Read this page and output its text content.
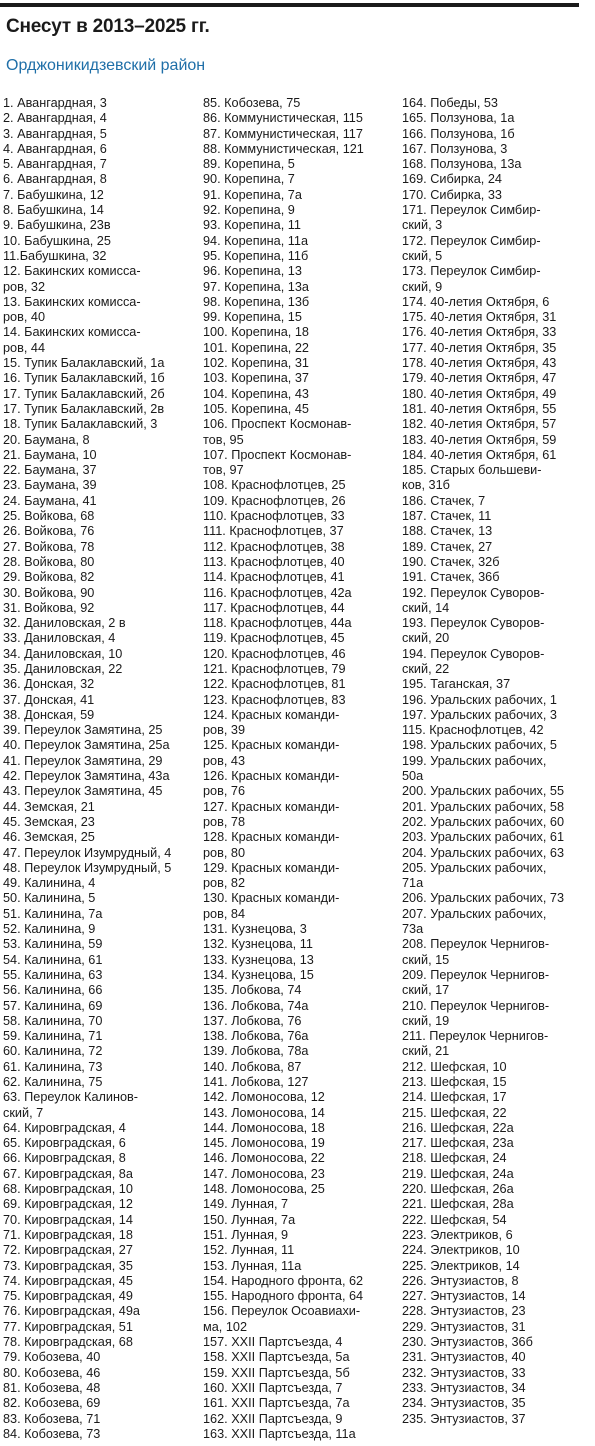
Снесут в 2013–2025 гг.
Орджоникидзевский район
1. Авангардная, 3
2. Авангардная, 4
3. Авангардная, 5
4. Авангардная, 6
5. Авангардная, 7
6. Авангардная, 8
7. Бабушкина, 12
8. Бабушкина, 14
9. Бабушкина, 23в
10. Бабушкина, 25
11.Бабушкина, 32
12. Бакинских комисса-
ров, 32
13. Бакинских комисса-
ров, 40
14. Бакинских комисса-
ров, 44
15. Тупик Балаклавский, 1а
16. Тупик Балаклавский, 1б
17. Тупик Балаклавский, 2б
17. Тупик Балаклавский, 2в
18. Тупик Балаклавский, 3
20. Баумана, 8
21. Баумана, 10
22. Баумана, 37
23. Баумана, 39
24. Баумана, 41
25. Войкова, 68
26. Войкова, 76
27. Войкова, 78
28. Войкова, 80
29. Войкова, 82
30. Войкова, 90
31. Войкова, 92
32. Даниловская, 2 в
33. Даниловская, 4
34. Даниловская, 10
35. Даниловская, 22
36. Донская, 32
37. Донская, 41
38. Донская, 59
39. Переулок Замятина, 25
40. Переулок Замятина, 25а
41. Переулок Замятина, 29
42. Переулок Замятина, 43а
43. Переулок Замятина, 45
44. Земская, 21
45. Земская, 23
46. Земская, 25
47. Переулок Изумрудный, 4
48. Переулок Изумрудный, 5
49. Калинина, 4
50. Калинина, 5
51. Калинина, 7а
52. Калинина, 9
53. Калинина, 59
54. Калинина, 61
55. Калинина, 63
56. Калинина, 66
57. Калинина, 69
58. Калинина, 70
59. Калинина, 71
60. Калинина, 72
61. Калинина, 73
62. Калинина, 75
63. Переулок Калинов-
ский, 7
64. Кировградская, 4
65. Кировградская, 6
66. Кировградская, 8
67. Кировградская, 8а
68. Кировградская, 10
69. Кировградская, 12
70. Кировградская, 14
71. Кировградская, 18
72. Кировградская, 27
73. Кировградская, 35
74. Кировградская, 45
75. Кировградская, 49
76. Кировградская, 49а
77. Кировградская, 51
78. Кировградская, 68
79. Кобозева, 40
80. Кобозева, 46
81. Кобозева, 48
82. Кобозева, 69
83. Кобозева, 71
84. Кобозева, 73
85. Кобозева, 75
86. Коммунистическая, 115
87. Коммунистическая, 117
88. Коммунистическая, 121
89. Корепина, 5
90. Корепина, 7
91. Корепина, 7а
92. Корепина, 9
93. Корепина, 11
94. Корепина, 11а
95. Корепина, 11б
96. Корепина, 13
97. Корепина, 13а
98. Корепина, 13б
99. Корепина, 15
100. Корепина, 18
101. Корепина, 22
102. Корепина, 31
103. Корепина, 37
104. Корепина, 43
105. Корепина, 45
106. Проспект Космонав-
тов, 95
107. Проспект Космонав-
тов, 97
108. Краснофлотцев, 25
109. Краснофлотцев, 26
110. Краснофлотцев, 33
111. Краснофлотцев, 37
112. Краснофлотцев, 38
113. Краснофлотцев, 40
114. Краснофлотцев, 41
116. Краснофлотцев, 42а
117. Краснофлотцев, 44
118. Краснофлотцев, 44а
119. Краснофлотцев, 45
120. Краснофлотцев, 46
121. Краснофлотцев, 79
122. Краснофлотцев, 81
123. Краснофлотцев, 83
124. Красных команди-
ров, 39
125. Красных команди-
ров, 43
126. Красных команди-
ров, 76
127. Красных команди-
ров, 78
128. Красных команди-
ров, 80
129. Красных команди-
ров, 82
130. Красных команди-
ров, 84
131. Кузнецова, 3
132. Кузнецова, 11
133. Кузнецова, 13
134. Кузнецова, 15
135. Лобкова, 74
136. Лобкова, 74а
137. Лобкова, 76
138. Лобкова, 76а
139. Лобкова, 78а
140. Лобкова, 87
141. Лобкова, 127
142. Ломоносова, 12
143. Ломоносова, 14
144. Ломоносова, 18
145. Ломоносова, 19
146. Ломоносова, 22
147. Ломоносова, 23
148. Ломоносова, 25
149. Лунная, 7
150. Лунная, 7а
151. Лунная, 9
152. Лунная, 11
153. Лунная, 11а
154. Народного фронта, 62
155. Народного фронта, 64
156. Переулок Осоавиахи-
ма, 102
157. XXII Партсъезда, 4
158. XXII Партсъезда, 5а
159. XXII Партсъезда, 5б
160. XXII Партсъезда, 7
161. XXII Партсъезда, 7а
162. XXII Партсъезда, 9
163. XXII Партсъезда, 11а
164. Победы, 53
165. Ползунова, 1а
166. Ползунова, 1б
167. Ползунова, 3
168. Ползунова, 13а
169. Сибирка, 24
170. Сибирка, 33
171. Переулок Симбир-
ский, 3
172. Переулок Симбир-
ский, 5
173. Переулок Симбир-
ский, 9
174. 40-летия Октября, 6
175. 40-летия Октября, 31
176. 40-летия Октября, 33
177. 40-летия Октября, 35
178. 40-летия Октября, 43
179. 40-летия Октября, 47
180. 40-летия Октября, 49
181. 40-летия Октября, 55
182. 40-летия Октября, 57
183. 40-летия Октября, 59
184. 40-летия Октября, 61
185. Старых большеви-
ков, 31б
186. Стачек, 7
187. Стачек, 11
188. Стачек, 13
189. Стачек, 27
190. Стачек, 32б
191. Стачек, 36б
192. Переулок Суворов-
ский, 14
193. Переулок Суворов-
ский, 20
194. Переулок Суворов-
ский, 22
195. Таганская, 37
196. Уральских рабочих, 1
197. Уральских рабочих, 3
115. Краснофлотцев, 42
198. Уральских рабочих, 5
199. Уральских рабочих,
50а
200. Уральских рабочих, 55
201. Уральских рабочих, 58
202. Уральских рабочих, 60
203. Уральских рабочих, 61
204. Уральских рабочих, 63
205. Уральских рабочих,
71а
206. Уральских рабочих, 73
207. Уральских рабочих,
73а
208. Переулок Чернигов-
ский, 15
209. Переулок Чернигов-
ский, 17
210. Переулок Чернигов-
ский, 19
211. Переулок Чернигов-
ский, 21
212. Шефская, 10
213. Шефская, 15
214. Шефская, 17
215. Шефская, 22
216. Шефская, 22а
217. Шефская, 23а
218. Шефская, 24
219. Шефская, 24а
220. Шефская, 26а
221. Шефская, 28а
222. Шефская, 54
223. Электриков, 6
224. Электриков, 10
225. Электриков, 14
226. Энтузиастов, 8
227. Энтузиастов, 14
228. Энтузиастов, 23
229. Энтузиастов, 31
230. Энтузиастов, 36б
231. Энтузиастов, 40
232. Энтузиастов, 33
233. Энтузиастов, 34
234. Энтузиастов, 35
235. Энтузиастов, 37
